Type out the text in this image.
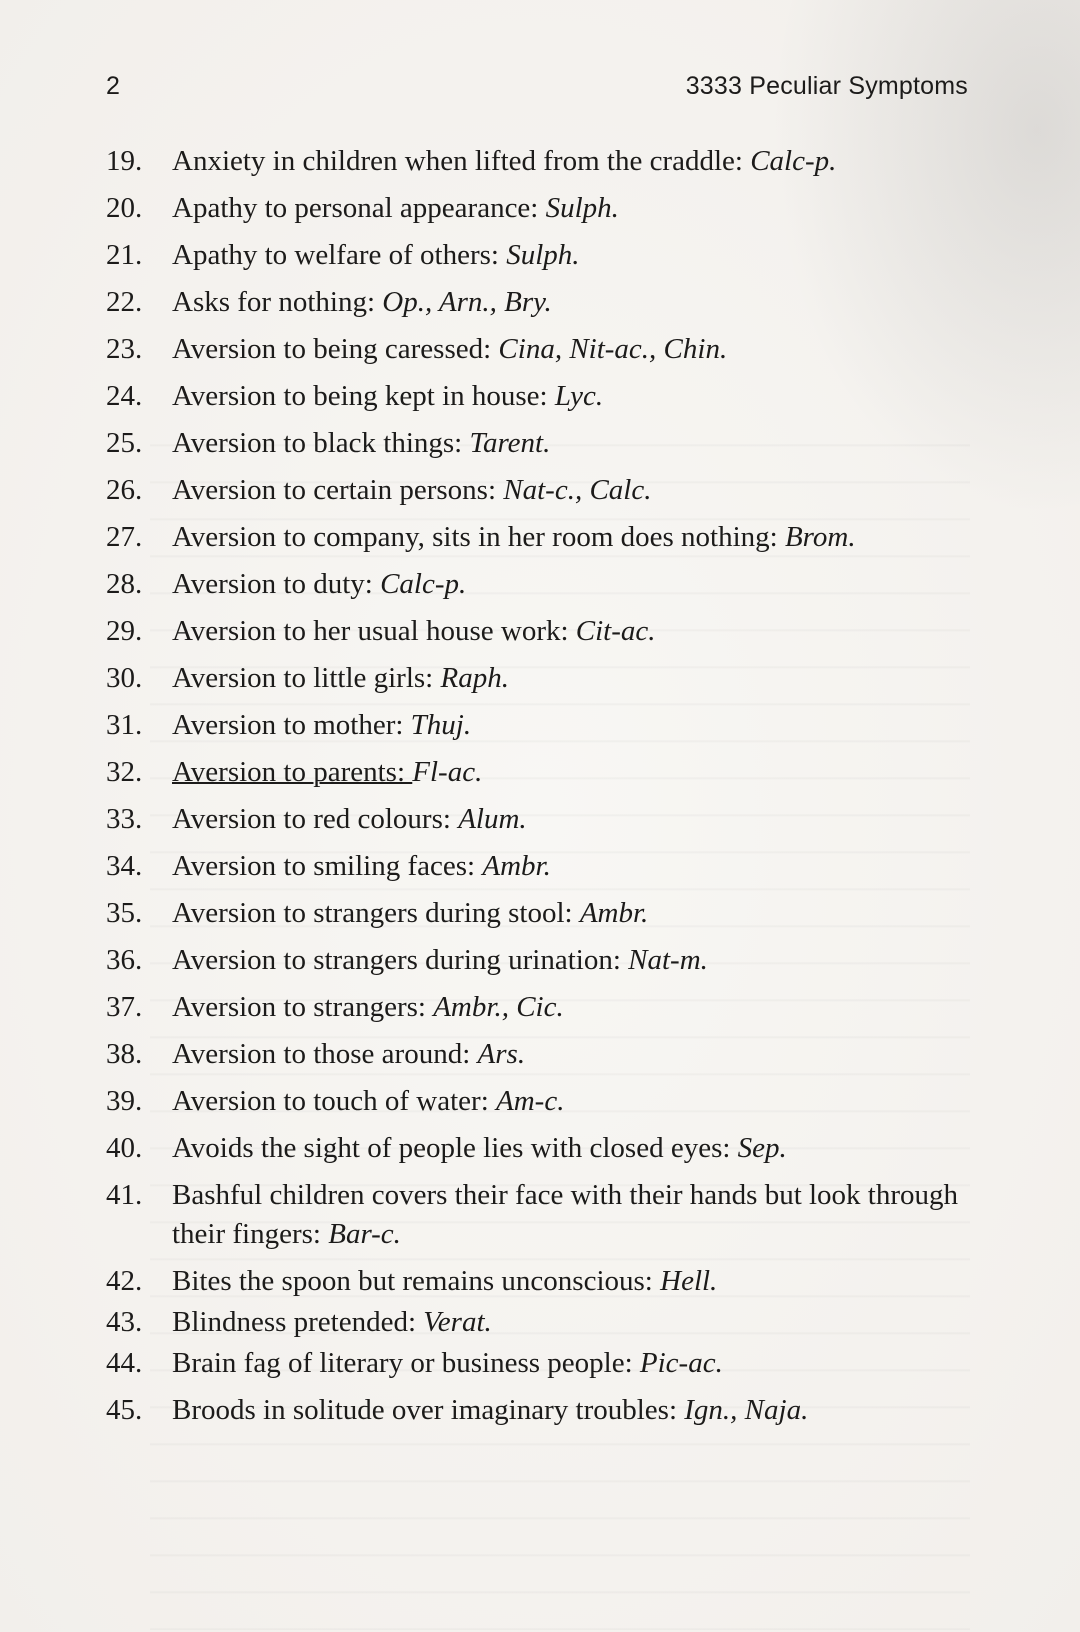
2	3333 Peculiar Symptoms
19.	Anxiety in children when lifted from the craddle: Calc-p.
20.	Apathy to personal appearance: Sulph.
21.	Apathy to welfare of others: Sulph.
22.	Asks for nothing: Op., Arn., Bry.
23.	Aversion to being caressed: Cina, Nit-ac., Chin.
24.	Aversion to being kept in house: Lyc.
25.	Aversion to black things: Tarent.
26.	Aversion to certain persons: Nat-c., Calc.
27.	Aversion to company, sits in her room does nothing: Brom.
28.	Aversion to duty: Calc-p.
29.	Aversion to her usual house work: Cit-ac.
30.	Aversion to little girls: Raph.
31.	Aversion to mother: Thuj.
32.	Aversion to parents: Fl-ac.
33.	Aversion to red colours: Alum.
34.	Aversion to smiling faces: Ambr.
35.	Aversion to strangers during stool: Ambr.
36.	Aversion to strangers during urination: Nat-m.
37.	Aversion to strangers: Ambr., Cic.
38.	Aversion to those around: Ars.
39.	Aversion to touch of water: Am-c.
40.	Avoids the sight of people lies with closed eyes: Sep.
41.	Bashful children covers their face with their hands but look through their fingers: Bar-c.
42.	Bites the spoon but remains unconscious: Hell.
43.	Blindness pretended: Verat.
44.	Brain fag of literary or business people: Pic-ac.
45.	Broods in solitude over imaginary troubles: Ign., Naja.
